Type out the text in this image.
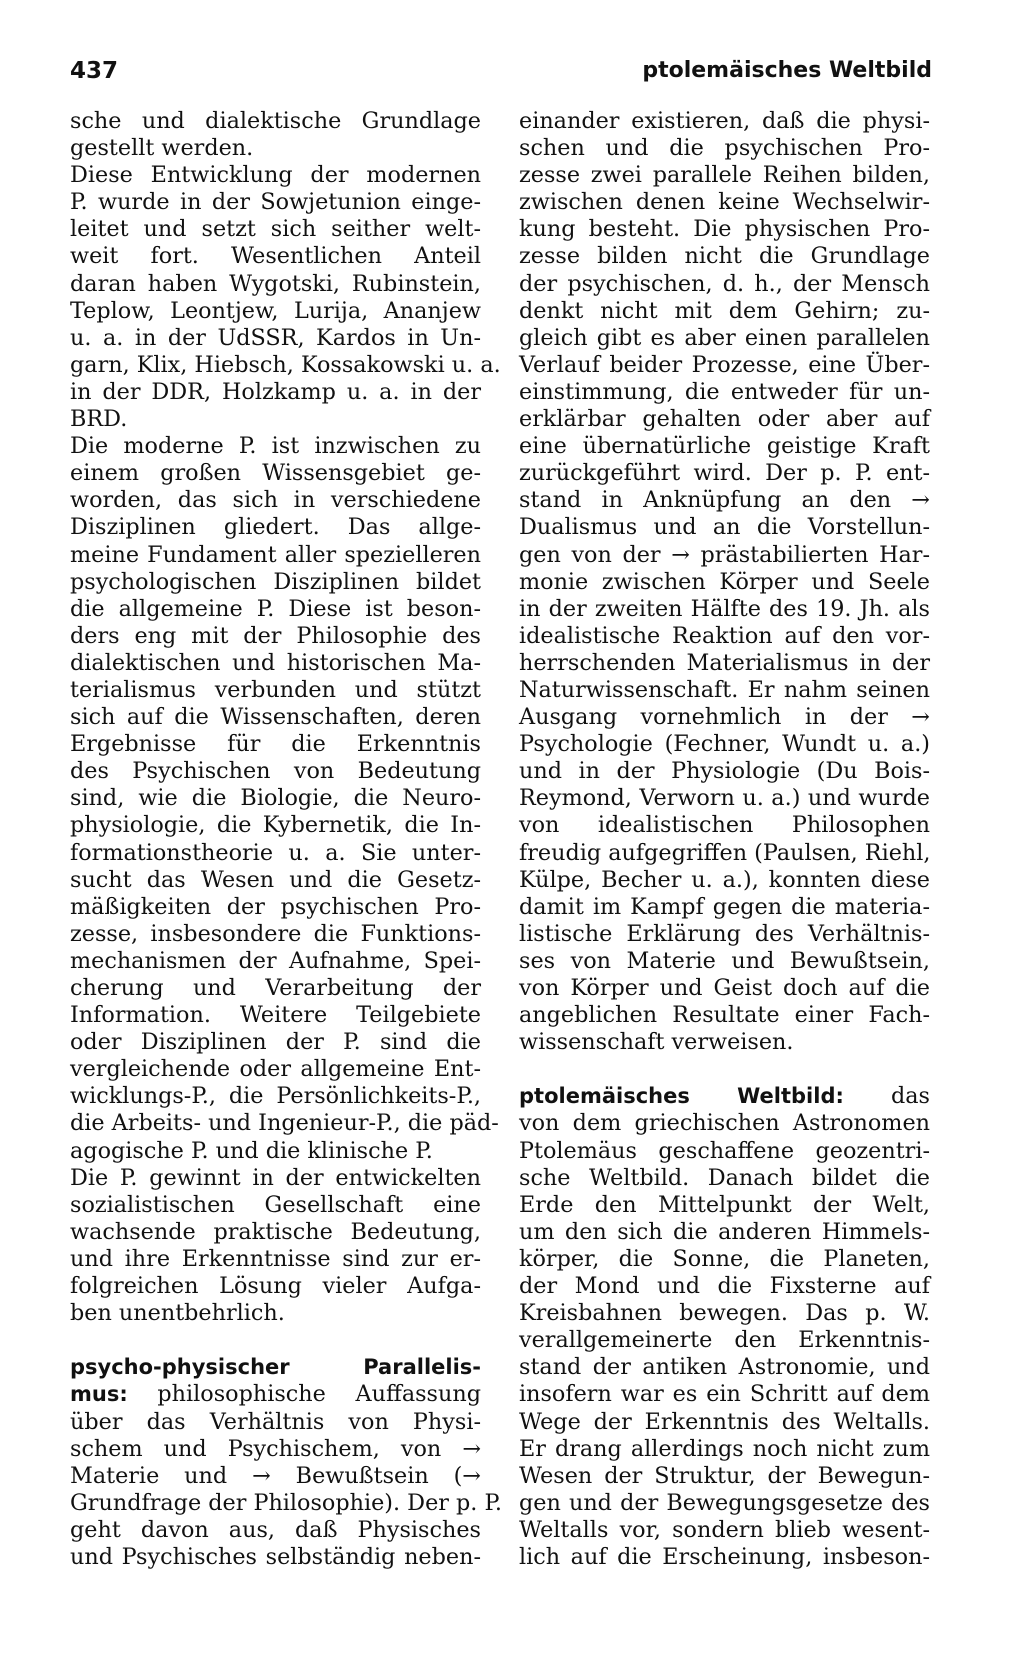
437	ptolemäisches Weltbild
sche und dialektische Grundlage
gestellt werden.
Diese Entwicklung der modernen
P. wurde in der Sowjetunion einge-
leitet und setzt sich seither welt-
weit fort. Wesentlichen Anteil
daran haben Wygotski, Rubinstein,
Teplow, Leontjew, Lurija, Ananjew
u. a. in der UdSSR, Kardos in Un-
garn, Klix, Hiebsch, Kossakowski u. a.
in der DDR, Holzkamp u. a. in der
BRD.
Die moderne P. ist inzwischen zu
einem großen Wissensgebiet ge-
worden, das sich in verschiedene
Disziplinen gliedert. Das allge-
meine Fundament aller spezielleren
psychologischen Disziplinen bildet
die allgemeine P. Diese ist beson-
ders eng mit der Philosophie des
dialektischen und historischen Ma-
terialismus verbunden und stützt
sich auf die Wissenschaften, deren
Ergebnisse für die Erkenntnis
des Psychischen von Bedeutung
sind, wie die Biologie, die Neuro-
physiologie, die Kybernetik, die In-
formationstheorie u. a. Sie unter-
sucht das Wesen und die Gesetz-
mäßigkeiten der psychischen Pro-
zesse, insbesondere die Funktions-
mechanismen der Aufnahme, Spei-
cherung und Verarbeitung der
Information. Weitere Teilgebiete
oder Disziplinen der P. sind die
vergleichende oder allgemeine Ent-
wicklungs-P., die Persönlichkeits-P.,
die Arbeits- und Ingenieur-P., die päd-
agogische P. und die klinische P.
Die P. gewinnt in der entwickelten
sozialistischen Gesellschaft eine
wachsende praktische Bedeutung,
und ihre Erkenntnisse sind zur er-
folgreichen Lösung vieler Aufga-
ben unentbehrlich.
psycho-physischer Parallelis-
mus: philosophische Auffassung
über das Verhältnis von Physi-
schem und Psychischem, von →
Materie und → Bewußtsein (→
Grundfrage der Philosophie). Der p. P.
geht davon aus, daß Physisches
und Psychisches selbständig neben-
einander existieren, daß die physi-
schen und die psychischen Pro-
zesse zwei parallele Reihen bilden,
zwischen denen keine Wechselwir-
kung besteht. Die physischen Pro-
zesse bilden nicht die Grundlage
der psychischen, d. h., der Mensch
denkt nicht mit dem Gehirn; zu-
gleich gibt es aber einen parallelen
Verlauf beider Prozesse, eine Über-
einstimmung, die entweder für un-
erklärbar gehalten oder aber auf
eine übernatürliche geistige Kraft
zurückgeführt wird. Der p. P. ent-
stand in Anknüpfung an den →
Dualismus und an die Vorstellun-
gen von der → prästabilierten Har-
monie zwischen Körper und Seele
in der zweiten Hälfte des 19. Jh. als
idealistische Reaktion auf den vor-
herrschenden Materialismus in der
Naturwissenschaft. Er nahm seinen
Ausgang vornehmlich in der →
Psychologie (Fechner, Wundt u. a.)
und in der Physiologie (Du Bois-
Reymond, Verworn u. a.) und wurde
von idealistischen Philosophen
freudig aufgegriffen (Paulsen, Riehl,
Külpe, Becher u. a.), konnten diese
damit im Kampf gegen die materia-
listische Erklärung des Verhältnis-
ses von Materie und Bewußtsein,
von Körper und Geist doch auf die
angeblichen Resultate einer Fach-
wissenschaft verweisen.
ptolemäisches Weltbild: das
von dem griechischen Astronomen
Ptolemäus geschaffene geozentri-
sche Weltbild. Danach bildet die
Erde den Mittelpunkt der Welt,
um den sich die anderen Himmels-
körper, die Sonne, die Planeten,
der Mond und die Fixsterne auf
Kreisbahnen bewegen. Das p. W.
verallgemeinerte den Erkenntnis-
stand der antiken Astronomie, und
insofern war es ein Schritt auf dem
Wege der Erkenntnis des Weltalls.
Er drang allerdings noch nicht zum
Wesen der Struktur, der Bewegun-
gen und der Bewegungsgesetze des
Weltalls vor, sondern blieb wesent-
lich auf die Erscheinung, insbeson-
